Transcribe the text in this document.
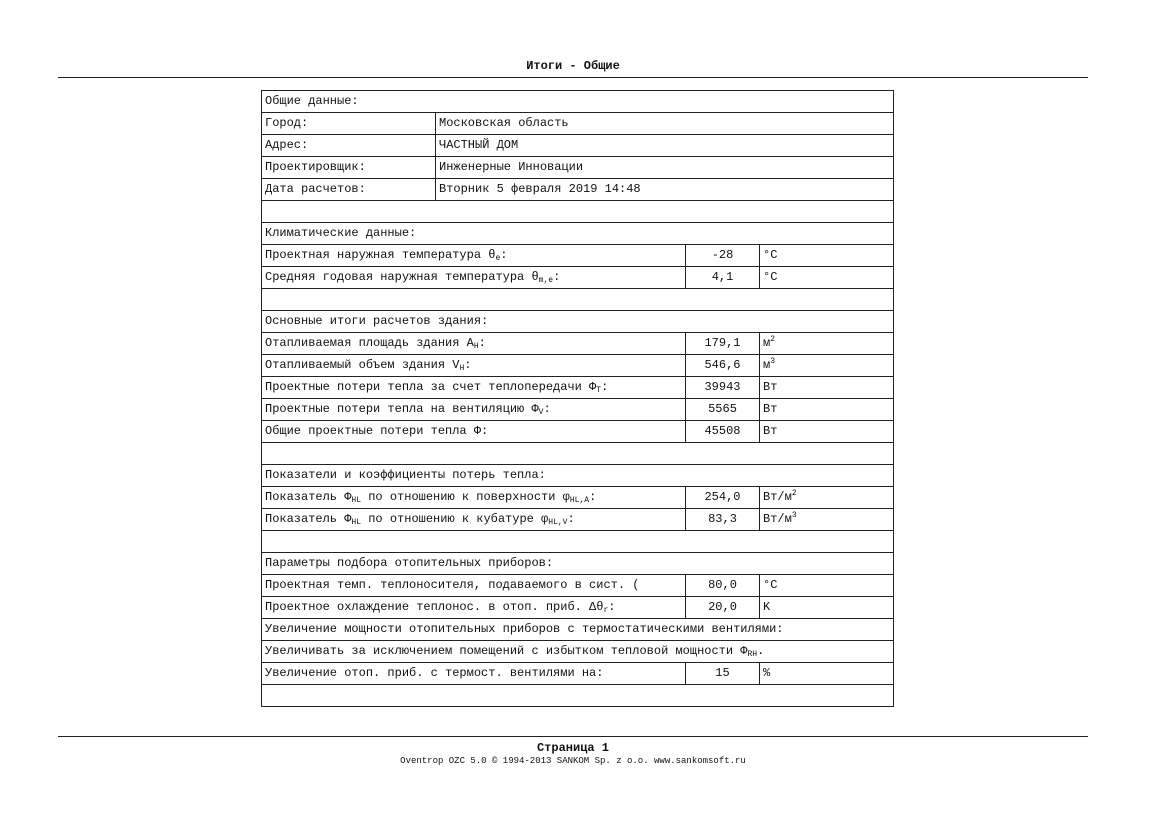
Итоги - Общие
Общие данные:
Город:	Московская область
Адрес:	ЧАСТНЫЙ ДОМ
Проектировщик:	Инженерные Инновации
Дата расчетов:	Вторник 5 февраля 2019 14:48
Климатические данные:
Проектная наружная температура $\theta_e$:	-28	°C
Средняя годовая наружная температура $\theta_{m,e}$:	4,1	°C
Основные итоги расчетов здания:
Отапливаемая площадь здания $A_H$:	179,1	$м^2$
Отапливаемый объем здания $V_H$:	546,6	$м^3$
Проектные потери тепла за счет теплопередачи $\Phi_T$:	39943	Вт
Проектные потери тепла на вентиляцию $\Phi_V$:	5565	Вт
Общие проектные потери тепла Φ:	45508	Вт
Показатели и коэффициенты потерь тепла:
Показатель $\Phi_{HL}$ по отношению к поверхности $\varphi_{HL,A}$:	254,0	$Вт/м^2$
Показатель $\Phi_{HL}$ по отношению к кубатуре $\varphi_{HL,V}$:	83,3	$Вт/м^3$
Параметры подбора отопительных приборов:
Проектная темп. теплоносителя, подаваемого в сист. (	80,0	°C
Проектное охлаждение теплонос. в отоп. приб. $\Delta\theta_r$:	20,0	K
Увеличение мощности отопительных приборов с термостатическими вентилями:
Увеличивать за исключением помещений с избытком тепловой мощности $\Phi_{RH}$.
Увеличение отоп. приб. с термост. вентилями на:	15	%
Страница 1
Oventrop OZC 5.0 © 1994-2013 SANKOM Sp. z o.o. www.sankomsoft.ru
